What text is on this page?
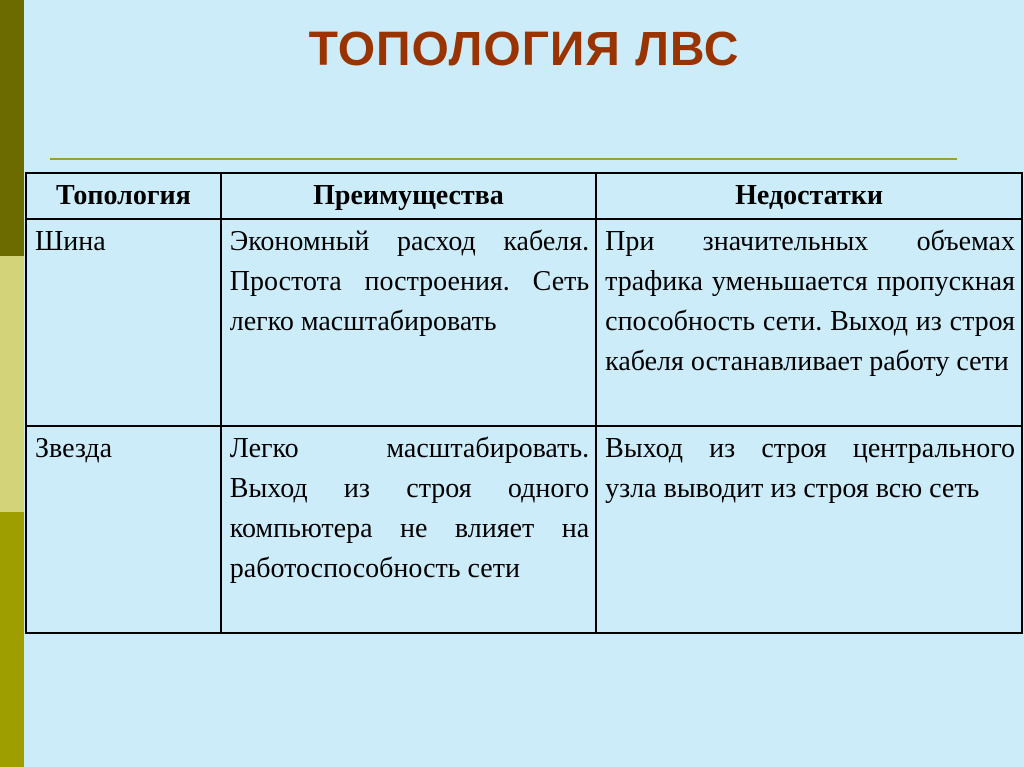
ТОПОЛОГИЯ ЛВС
Топология	Преимущества	Недостатки
Шина	Экономный расход кабеля. Простота построения. Сеть легко масштабировать	При значительных объемах трафика уменьшается пропускная способность сети. Выход из строя кабеля останавливает работу сети
Звезда	Легко масштабировать. Выход из строя одного компьютера не влияет на работоспособность сети	Выход из строя центрального узла выводит из строя всю сеть
